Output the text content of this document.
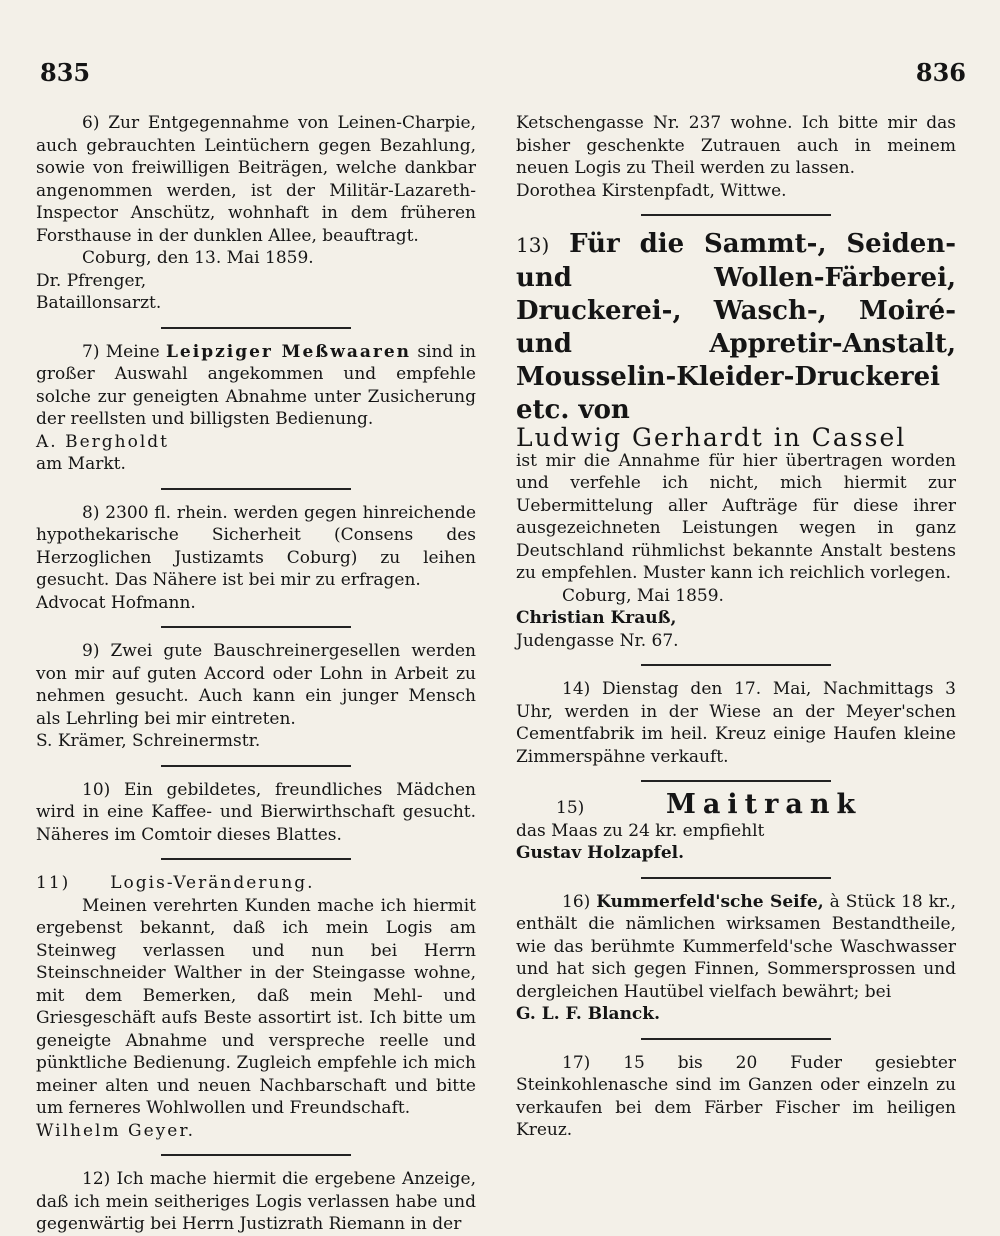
835	836

6) Zur Entgegennahme von Leinen-Charpie, auch gebrauchten Leintüchern gegen Bezahlung, sowie von freiwilligen Beiträgen, welche dankbar angenommen werden, ist der Militär-Lazareth-Inspector Anschütz, wohnhaft in dem früheren Forsthause in der dunklen Allee, beauftragt.

Coburg, den 13. Mai 1859.

Dr. Pfrenger,

Bataillonsarzt.

7) Meine Leipziger Meßwaaren sind in großer Auswahl angekommen und empfehle solche zur geneigten Abnahme unter Zusicherung der reellsten und billigsten Bedienung.

A. Bergholdt

am Markt.

8) 2300 fl. rhein. werden gegen hinreichende hypothekarische Sicherheit (Consens des Herzoglichen Justizamts Coburg) zu leihen gesucht. Das Nähere ist bei mir zu erfragen.

Advocat Hofmann.

9) Zwei gute Bauschreinergesellen werden von mir auf guten Accord oder Lohn in Arbeit zu nehmen gesucht. Auch kann ein junger Mensch als Lehrling bei mir eintreten.

S. Krämer, Schreinermstr.

10) Ein gebildetes, freundliches Mädchen wird in eine Kaffee- und Bierwirthschaft gesucht. Näheres im Comtoir dieses Blattes.

11) Logis-Veränderung.

Meinen verehrten Kunden mache ich hiermit ergebenst bekannt, daß ich mein Logis am Steinweg verlassen und nun bei Herrn Steinschneider Walther in der Steingasse wohne, mit dem Bemerken, daß mein Mehl- und Griesgeschäft aufs Beste assortirt ist. Ich bitte um geneigte Abnahme und verspreche reelle und pünktliche Bedienung. Zugleich empfehle ich mich meiner alten und neuen Nachbarschaft und bitte um ferneres Wohlwollen und Freundschaft.

Wilhelm Geyer.

12) Ich mache hiermit die ergebene Anzeige, daß ich mein seitheriges Logis verlassen habe und gegenwärtig bei Herrn Justizrath Riemann in der

Ketschengasse Nr. 237 wohne. Ich bitte mir das bisher geschenkte Zutrauen auch in meinem neuen Logis zu Theil werden zu lassen.

Dorothea Kirstenpfadt, Wittwe.

13) Für die Sammt-, Seiden- und Wollen-Färberei, Druckerei-, Wasch-, Moiré- und Appretir-Anstalt, Mousselin-Kleider-Druckerei etc. von

Ludwig Gerhardt in Cassel

ist mir die Annahme für hier übertragen worden und verfehle ich nicht, mich hiermit zur Uebermittelung aller Aufträge für diese ihrer ausgezeichneten Leistungen wegen in ganz Deutschland rühmlichst bekannte Anstalt bestens zu empfehlen. Muster kann ich reichlich vorlegen.

Coburg, Mai 1859.

Christian Krauß,

Judengasse Nr. 67.

14) Dienstag den 17. Mai, Nachmittags 3 Uhr, werden in der Wiese an der Meyer'schen Cementfabrik im heil. Kreuz einige Haufen kleine Zimmerspähne verkauft.

15)	Maitrank

das Maas zu 24 kr. empfiehlt

Gustav Holzapfel.

16) Kummerfeld'sche Seife, à Stück 18 kr., enthält die nämlichen wirksamen Bestandtheile, wie das berühmte Kummerfeld'sche Waschwasser und hat sich gegen Finnen, Sommersprossen und dergleichen Hautübel vielfach bewährt; bei

G. L. F. Blanck.

17) 15 bis 20 Fuder gesiebter Steinkohlenasche sind im Ganzen oder einzeln zu verkaufen bei dem Färber Fischer im heiligen Kreuz.
